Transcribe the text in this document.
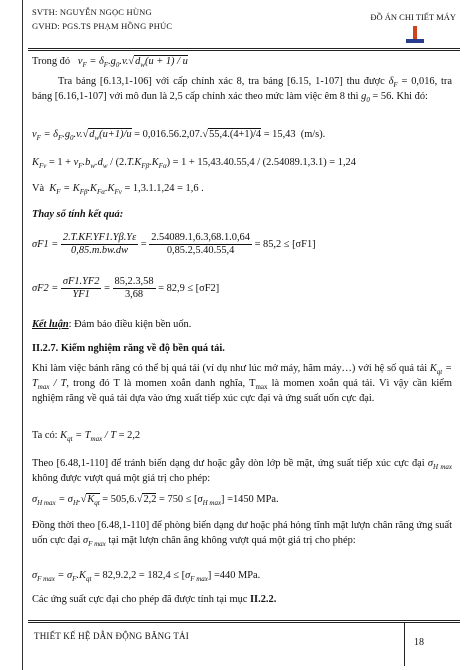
SVTH: NGUYỄN NGỌC HÙNG
GVHD: PGS.TS PHẠM HỒNG PHÚC
ĐỒ ÁN CHI TIẾT MÁY
Trong đó $v_F = \delta_F.g_0.v.√d_w(u + 1) / u$
Tra bảng [6.13,1-106] với cấp chính xác 8, tra bảng [6.15, 1-107] thu được $\delta_F = 0,016$, tra bảng [6.16,1-107] với mô đun là 2,5 cấp chính xác theo mức làm việc êm 8 thì $g_0 = 56$. Khi đó:
$v_F = \delta_F.g_0.v.√d_w(u+1)/u = 0,016.56.2,07.√55,4.(4+1)/4 = 15,43$  (m/s).
$K_{Fv} = 1 + v_F.b_w.d_w / (2.T.K_{F\beta}.K_{F\alpha}) = 1 + 15,43.40.55,4 / (2.54089.1,3.1) = 1,24$
Và $K_F = K_{F\beta}.K_{F\alpha}.K_{Fv} = 1,3.1.1,24 = 1,6$ .
Thay số tính kết quả:
$\sigma F1 = \frac{2.T.KF.YF1.Y\beta.Y\varepsilon}{0,85.m.bw.dw} = \frac{2.54089.1,6.3,68.1.0,64}{0,85.2,5.40.55,4} = 85,2 \le [\sigma F1]$
$\sigma F2 = \frac{\sigma F1.YF2}{YF1} = \frac{85,2.3,58}{3,68} = 82,9 \le [\sigma F2]$
Kết luận: Đảm bảo điều kiện bền uốn.
II.2.7. Kiểm nghiệm răng về độ bền quá tải.
Khi làm việc bánh răng có thể bị quá tải (ví dụ như lúc mở máy, hãm máy…) với hệ số quá tải $K_{qt} = T_{max} / T$, trong đó T là momen xoắn danh nghĩa, $T_{max}$ là momen xoắn quá tải. Vì vậy cần kiểm nghiệm răng về quá tải dựa vào ứng xuất tiếp xúc cực đại và ứng suất uốn cực đại.
Ta có: $K_{qt} = T_{max} / T = 2,2$
Theo [6.48,1-110] để tránh biến dạng dư hoặc gẫy dòn lớp bề mặt, ứng suất tiếp xúc cực đại $\sigma_{H max}$ không được vượt quá một giá trị cho phép:
$\sigma_{H max} = \sigma_H.√K_{qt} = 505,6.√2,2 = 750 \le [\sigma_{H max}] =1450$ MPa.
Đồng thời theo [6.48,1-110] để phòng biến dạng dư hoặc phá hỏng tĩnh mặt lượn chân răng ứng suất uốn cực đại $\sigma_{F max}$ tại mặt lượn chân ăng không vượt quá một giá trị cho phép:
$\sigma_{F max} = \sigma_F.K_{qt} = 82,9.2,2 = 182,4 \le [\sigma_{F max}] =440$ MPa.
Các ứng suất cực đại cho phép đã được tính tại mục II.2.2.
THIẾT KẾ HỆ DẪN ĐỘNG BĂNG TẢI
18
